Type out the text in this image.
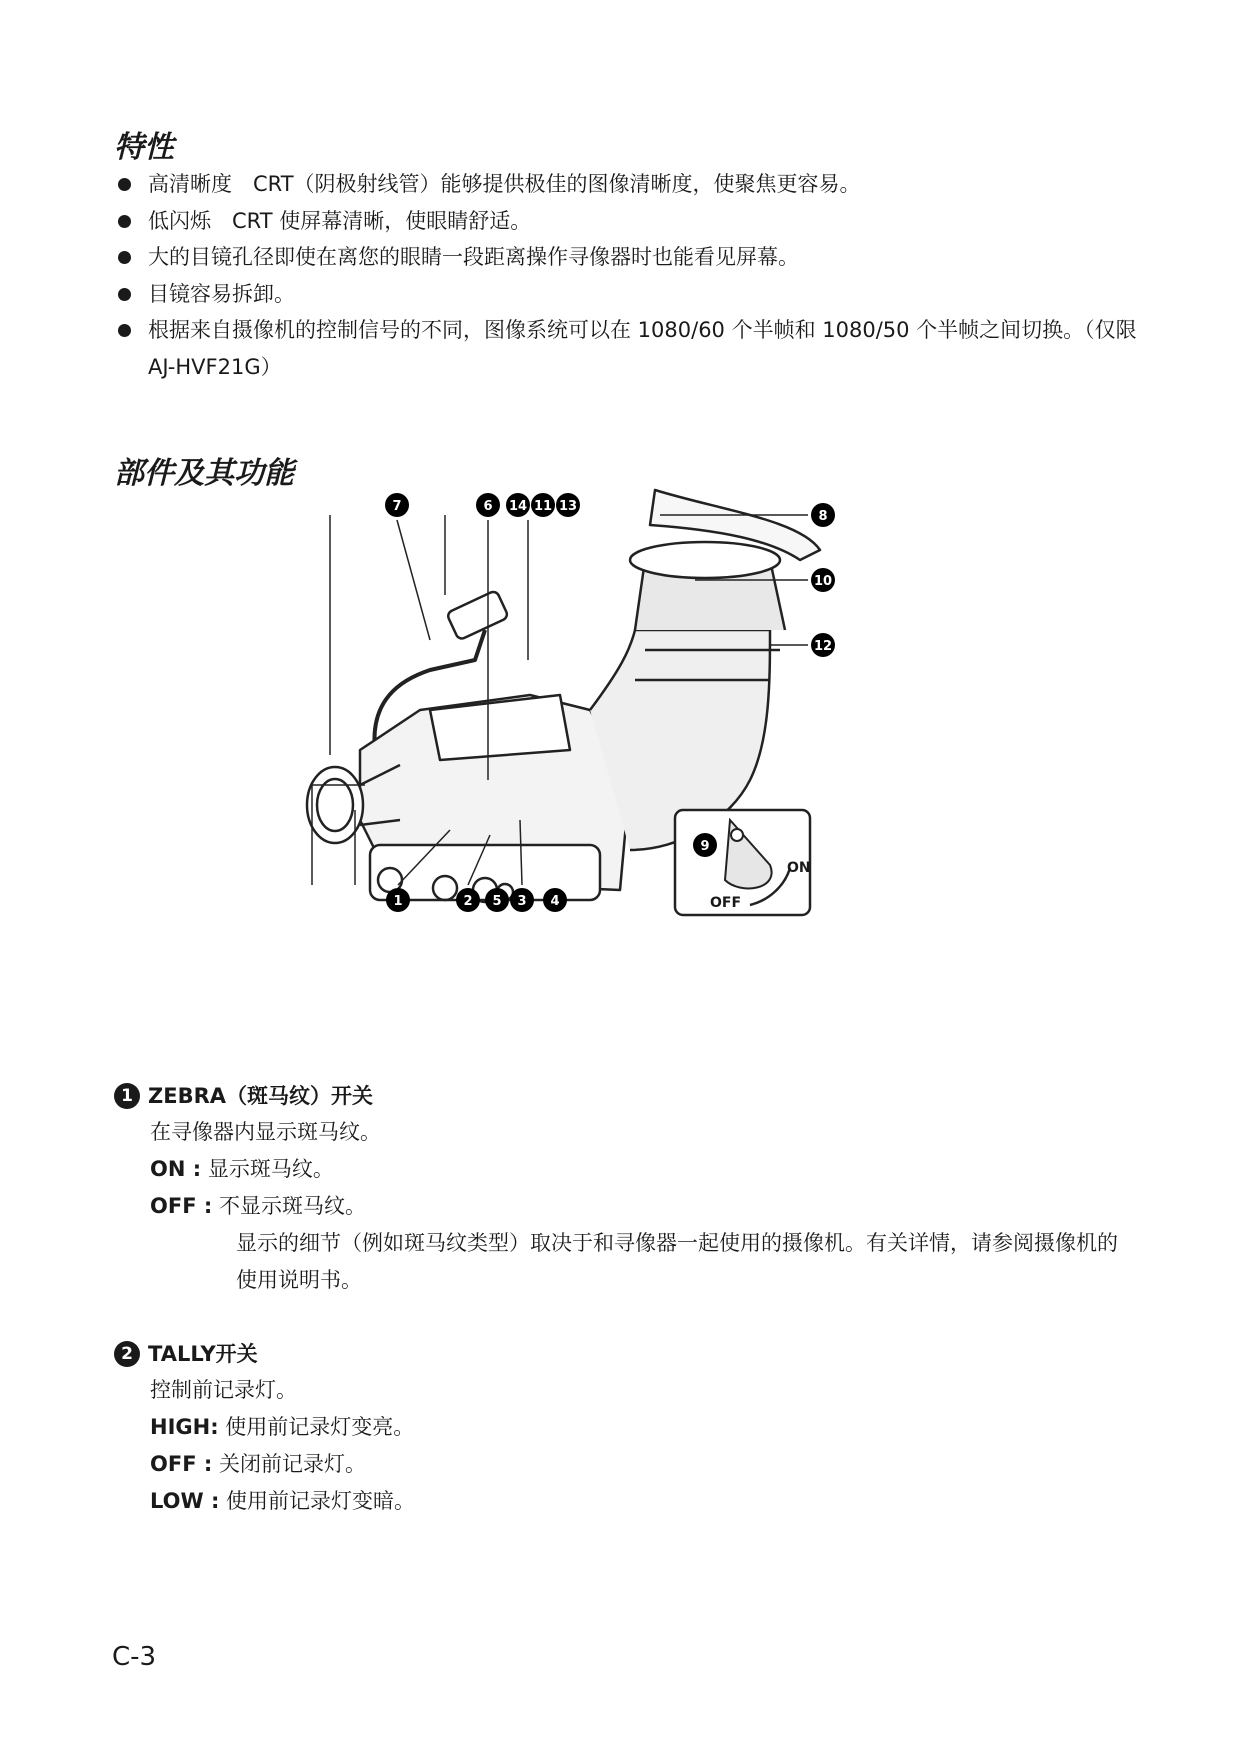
特性
高清晰度　CRT（阴极射线管）能够提供极佳的图像清晰度，使聚焦更容易。
低闪烁　CRT 使屏幕清晰，使眼睛舒适。
大的目镜孔径即使在离您的眼睛一段距离操作寻像器时也能看见屏幕。
目镜容易拆卸。
根据来自摄像机的控制信号的不同，图像系统可以在 1080/60 个半帧和 1080/50 个半帧之间切换。（仅限　AJ-HVF21G）
部件及其功能
ON
OFF
7	6 14 11 13
8
10
12
9
1	2 5 3 4
1 ZEBRA（斑马纹）开关
在寻像器内显示斑马纹。
ON : 显示斑马纹。
OFF : 不显示斑马纹。
显示的细节（例如斑马纹类型）取决于和寻像器一起使用的摄像机。有关详情，请参阅摄像机的使用说明书。
2 TALLY开关
控制前记录灯。
HIGH: 使用前记录灯变亮。
OFF : 关闭前记录灯。
LOW : 使用前记录灯变暗。
C-3
